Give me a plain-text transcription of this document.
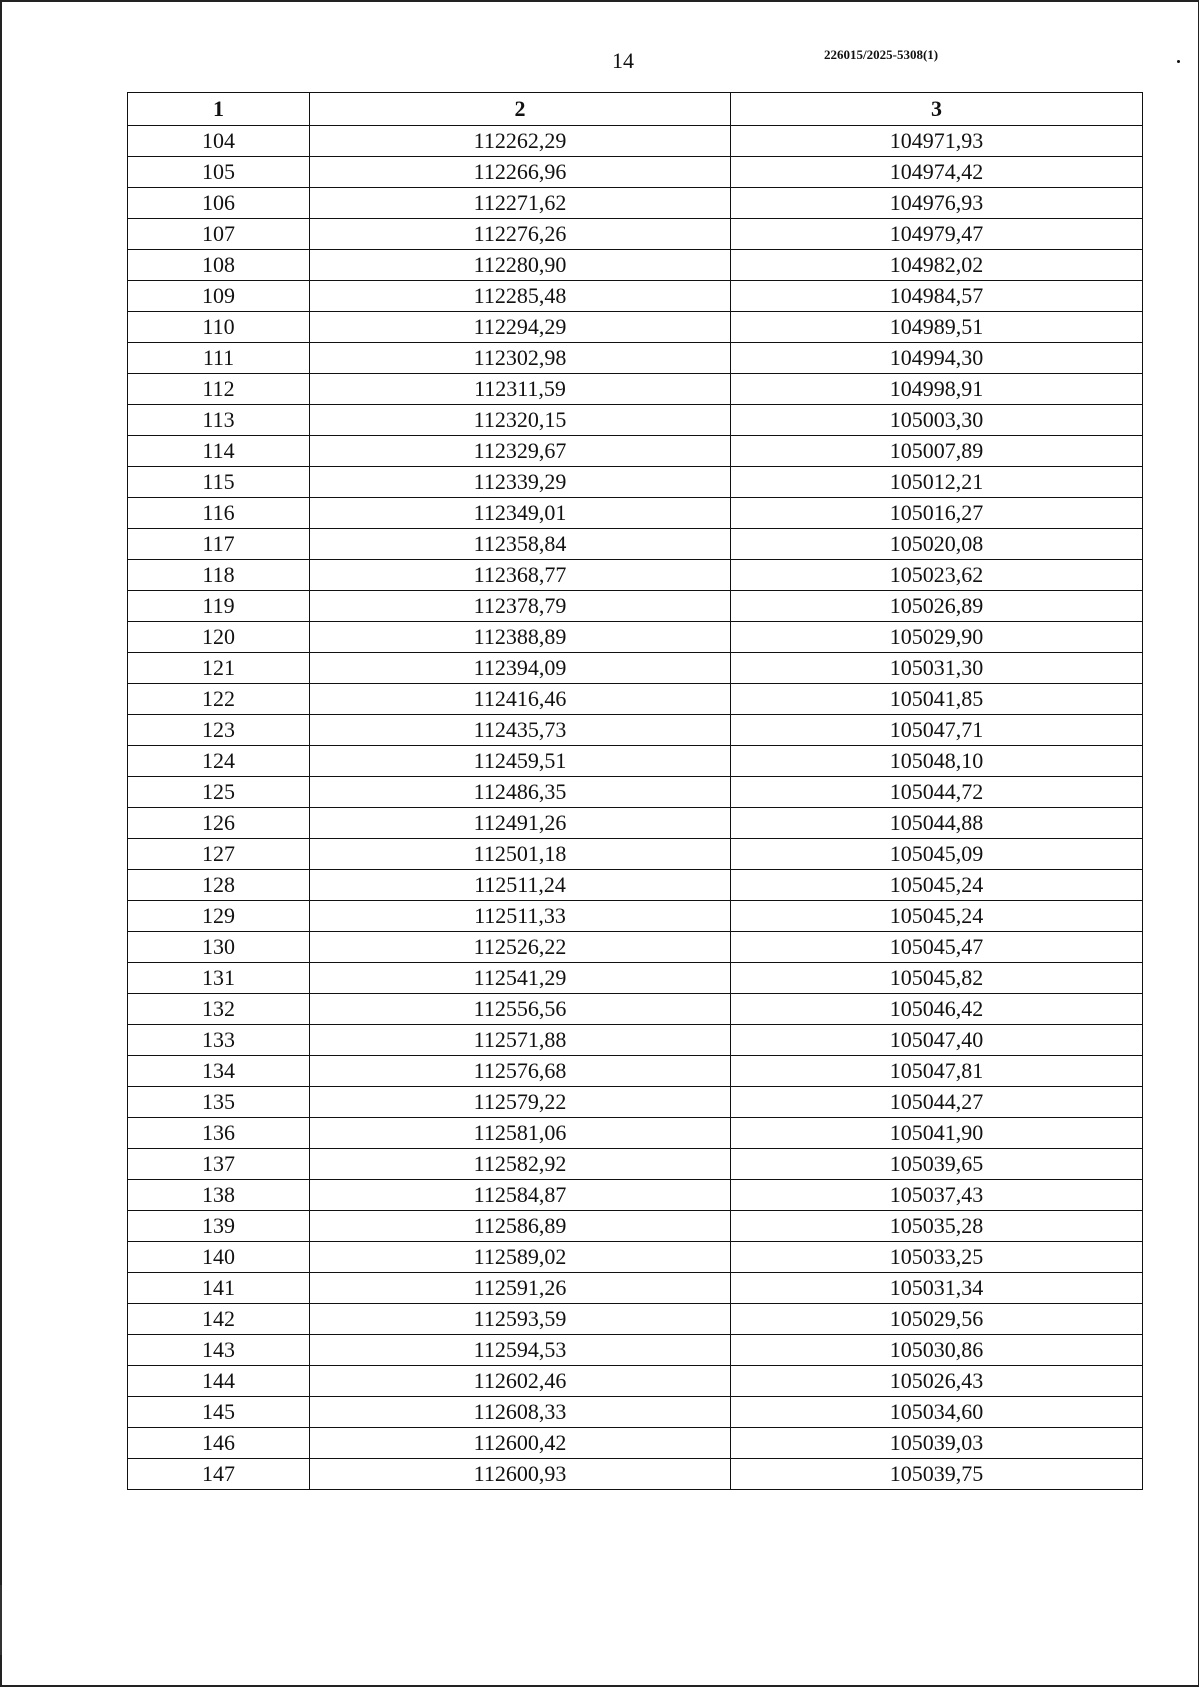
14	226015/2025-5308(1)
1	2	3
104	112262,29	104971,93
105	112266,96	104974,42
106	112271,62	104976,93
107	112276,26	104979,47
108	112280,90	104982,02
109	112285,48	104984,57
110	112294,29	104989,51
111	112302,98	104994,30
112	112311,59	104998,91
113	112320,15	105003,30
114	112329,67	105007,89
115	112339,29	105012,21
116	112349,01	105016,27
117	112358,84	105020,08
118	112368,77	105023,62
119	112378,79	105026,89
120	112388,89	105029,90
121	112394,09	105031,30
122	112416,46	105041,85
123	112435,73	105047,71
124	112459,51	105048,10
125	112486,35	105044,72
126	112491,26	105044,88
127	112501,18	105045,09
128	112511,24	105045,24
129	112511,33	105045,24
130	112526,22	105045,47
131	112541,29	105045,82
132	112556,56	105046,42
133	112571,88	105047,40
134	112576,68	105047,81
135	112579,22	105044,27
136	112581,06	105041,90
137	112582,92	105039,65
138	112584,87	105037,43
139	112586,89	105035,28
140	112589,02	105033,25
141	112591,26	105031,34
142	112593,59	105029,56
143	112594,53	105030,86
144	112602,46	105026,43
145	112608,33	105034,60
146	112600,42	105039,03
147	112600,93	105039,75
